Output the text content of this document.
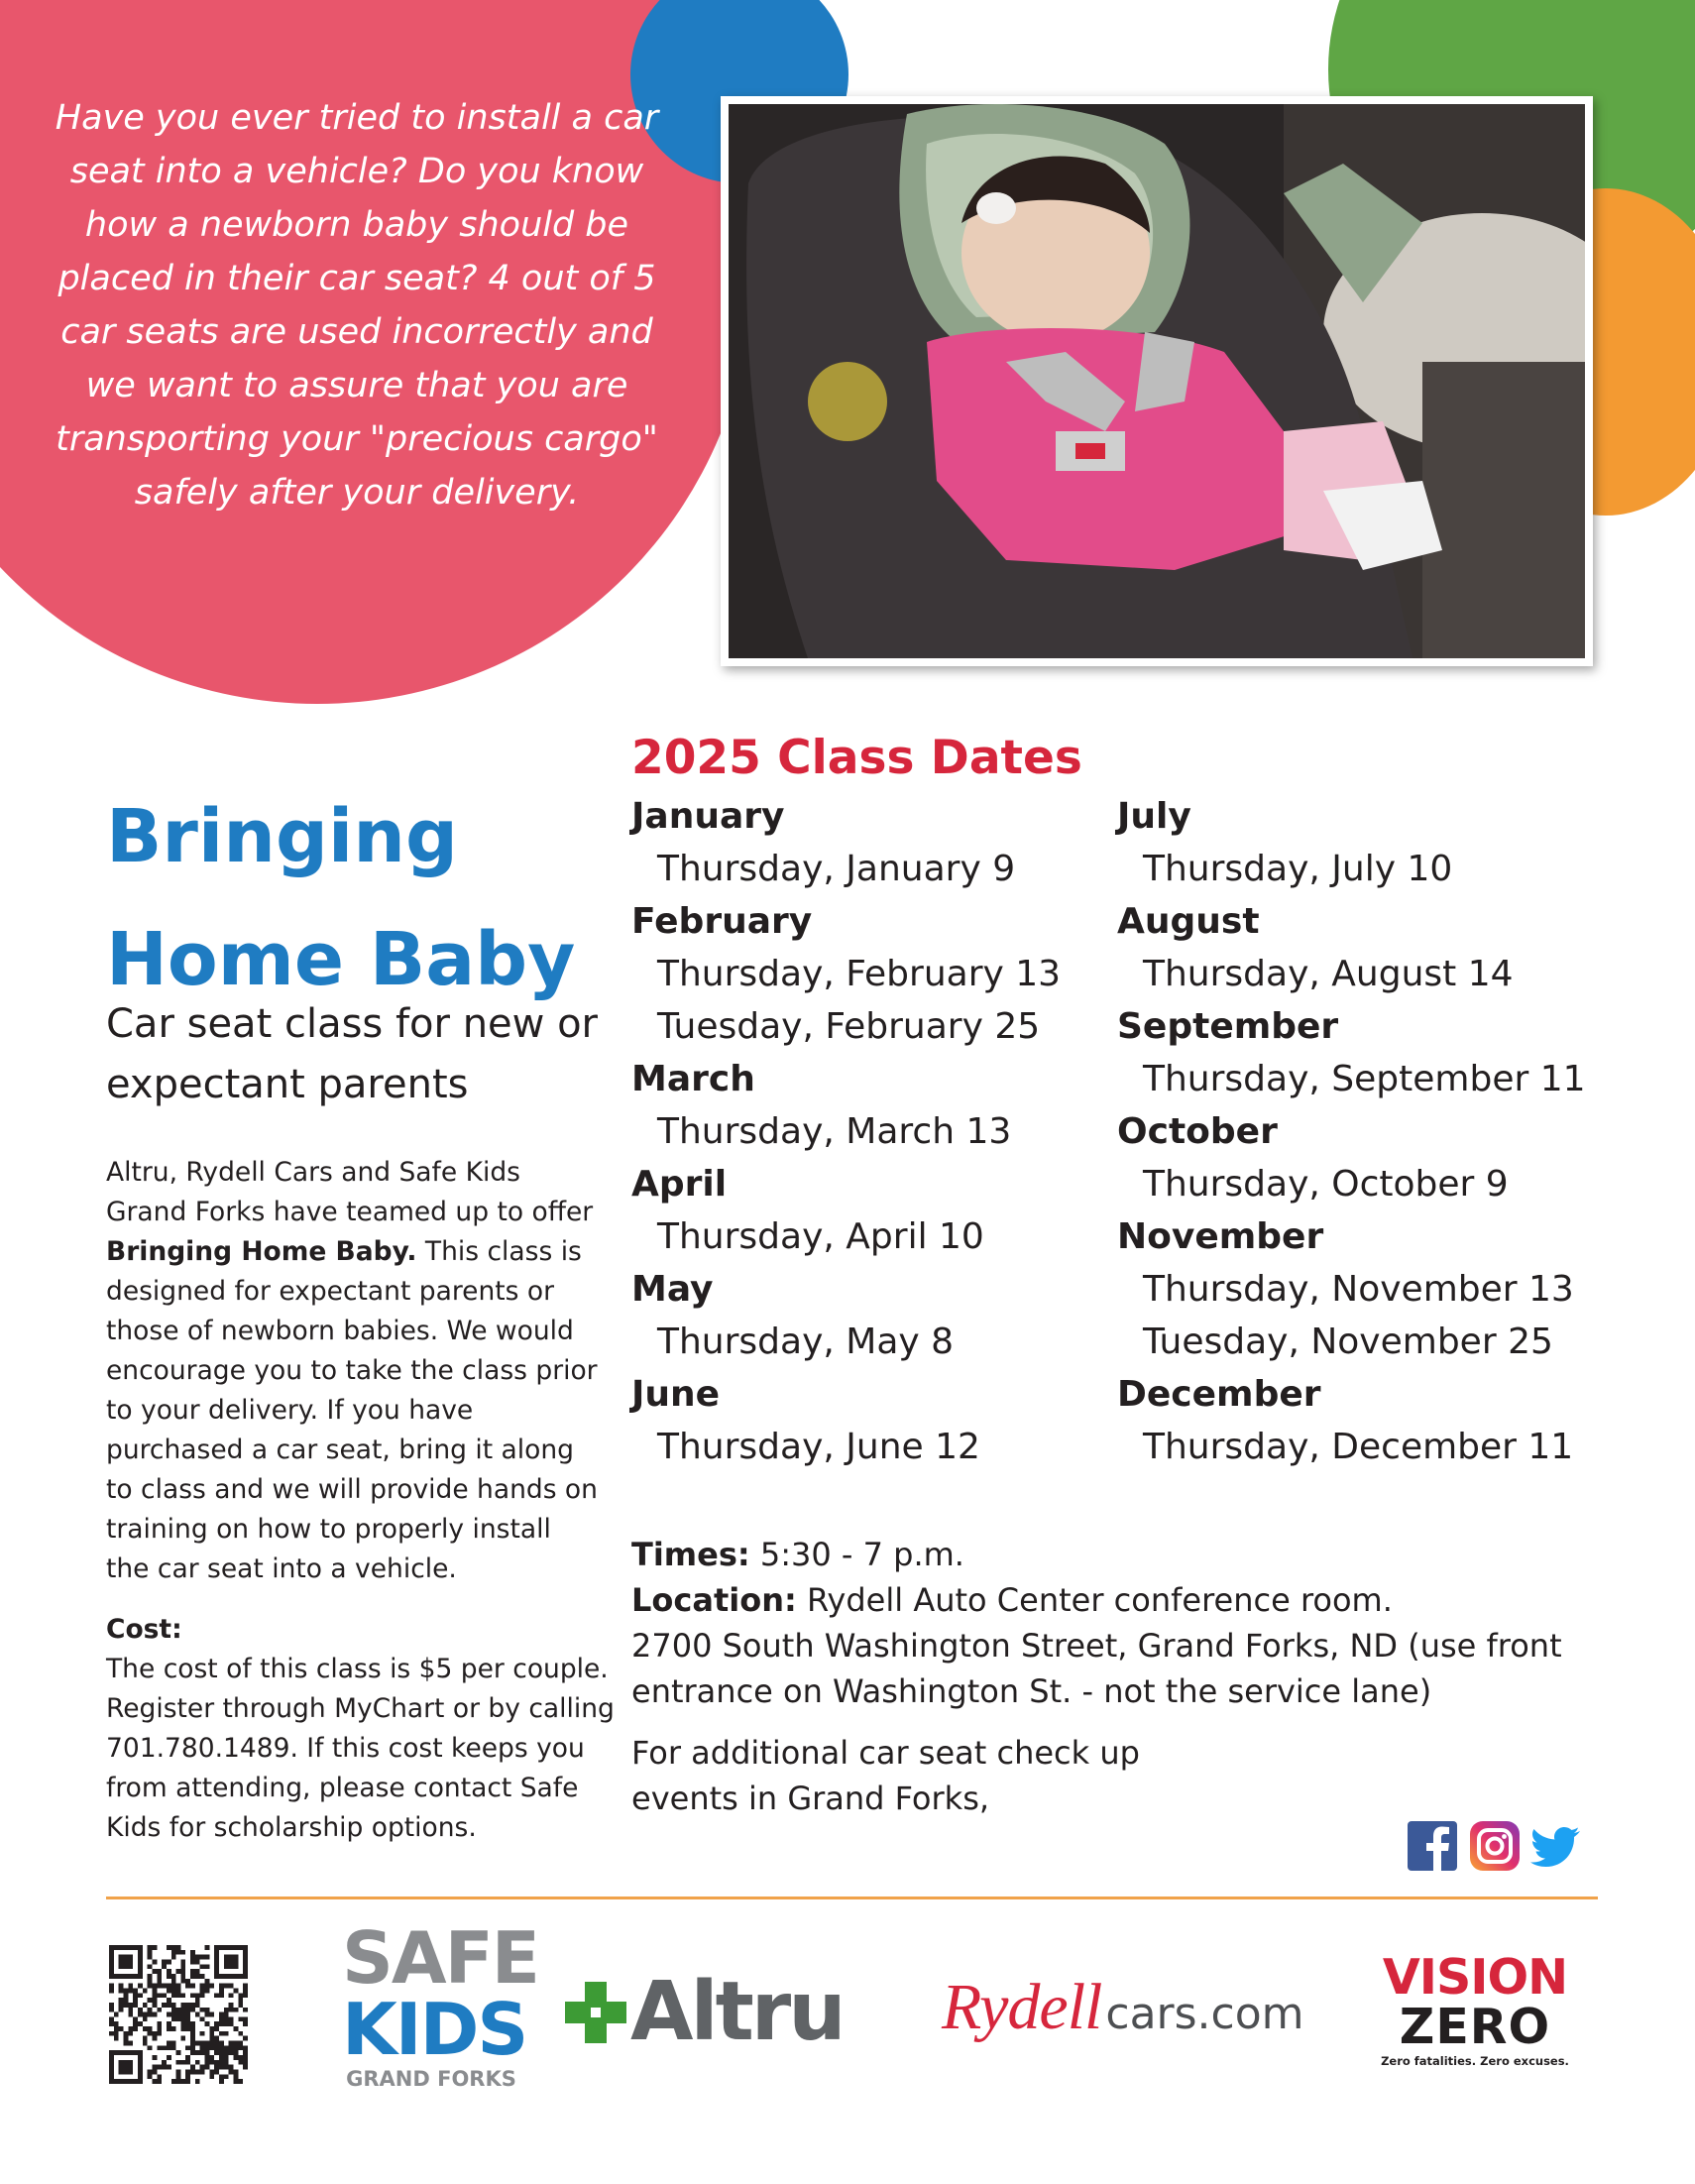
Have you ever tried to install a car seat into a vehicle? Do you know how a newborn baby should be placed in their car seat? 4 out of 5 car seats are used incorrectly and we want to assure that you are transporting your "precious cargo" safely after your delivery.

Bringing
Home Baby

Car seat class for new or expectant parents

Altru, Rydell Cars and Safe Kids Grand Forks have teamed up to offer Bringing Home Baby. This class is designed for expectant parents or those of newborn babies. We would encourage you to take the class prior to your delivery. If you have purchased a car seat, bring it along to class and we will provide hands on training on how to properly install the car seat into a vehicle.

Cost:
The cost of this class is $5 per couple. Register through MyChart or by calling 701.780.1489. If this cost keeps you from attending, please contact Safe Kids for scholarship options.
2025 Class Dates
January
Thursday, January 9
February
Thursday, February 13
Tuesday, February 25
March
Thursday, March 13
April
Thursday, April 10
May
Thursday, May 8
June
Thursday, June 12
July
Thursday, July 10
August
Thursday, August 14
September
Thursday, September 11
October
Thursday, October 9
November
Thursday, November 13
Tuesday, November 25
December
Thursday, December 11
Times: 5:30 - 7 p.m.
Location: Rydell Auto Center conference room.
2700 South Washington Street, Grand Forks, ND (use front entrance on Washington St. - not the service lane)
For additional car seat check up events in Grand Forks,
SAFE
KIDS
GRAND FORKS
Altru Rydell cars.com
VISION
ZERO
Zero fatalities. Zero excuses.
